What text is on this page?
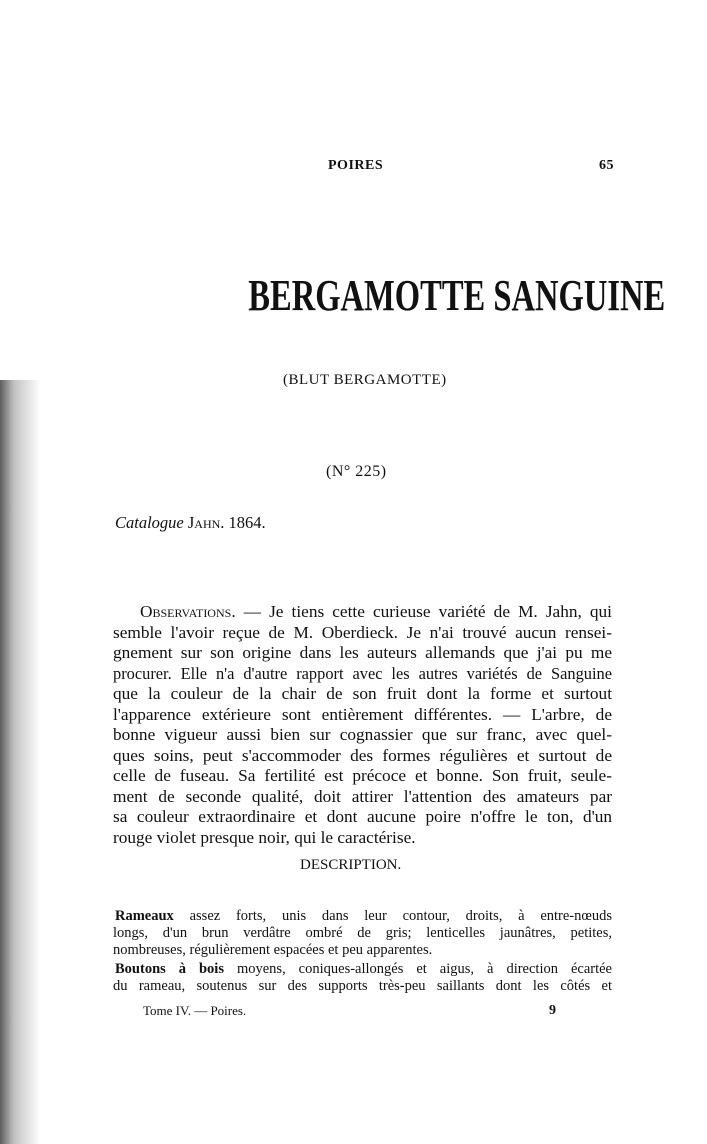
POIRES	65
BERGAMOTTE SANGUINE
(BLUT BERGAMOTTE)
(N° 225)
Catalogue Jahn. 1864.
Observations. — Je tiens cette curieuse variété de M. Jahn, qui
semble l'avoir reçue de M. Oberdieck. Je n'ai trouvé aucun rensei-
gnement sur son origine dans les auteurs allemands que j'ai pu me
procurer. Elle n'a d'autre rapport avec les autres variétés de Sanguine
que la couleur de la chair de son fruit dont la forme et surtout
l'apparence extérieure sont entièrement différentes. — L'arbre, de
bonne vigueur aussi bien sur cognassier que sur franc, avec quel-
ques soins, peut s'accommoder des formes régulières et surtout de
celle de fuseau. Sa fertilité est précoce et bonne. Son fruit, seule-
ment de seconde qualité, doit attirer l'attention des amateurs par
sa couleur extraordinaire et dont aucune poire n'offre le ton, d'un
rouge violet presque noir, qui le caractérise.
DESCRIPTION.
Rameaux assez forts, unis dans leur contour, droits, à entre-nœuds
longs, d'un brun verdâtre ombré de gris; lenticelles jaunâtres, petites,
nombreuses, régulièrement espacées et peu apparentes.
Boutons à bois moyens, coniques-allongés et aigus, à direction écartée
du rameau, soutenus sur des supports très-peu saillants dont les côtés et
Tome IV. — Poires.	9
